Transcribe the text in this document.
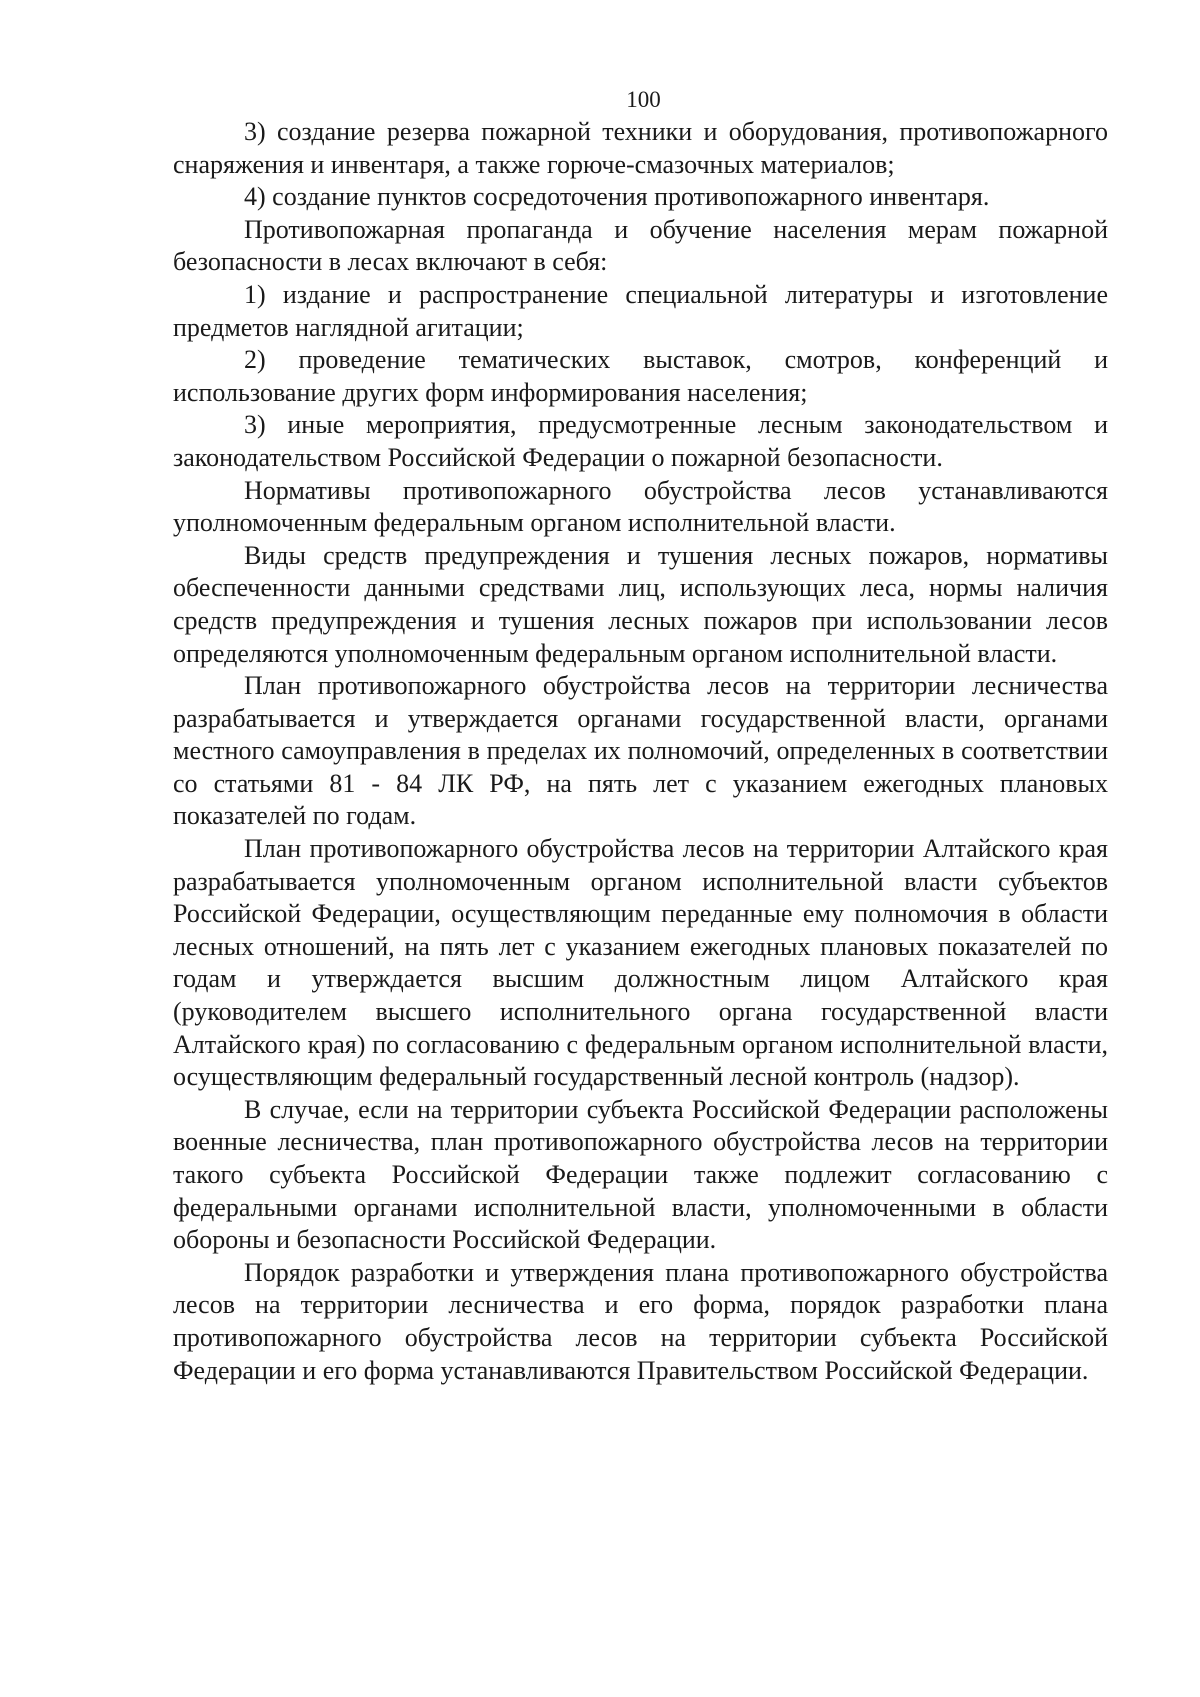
100

3) создание резерва пожарной техники и оборудования, противопожарного снаряжения и инвентаря, а также горюче-смазочных материалов;

4) создание пунктов сосредоточения противопожарного инвентаря.

Противопожарная пропаганда и обучение населения мерам пожарной безопасности в лесах включают в себя:

1) издание и распространение специальной литературы и изготовление предметов наглядной агитации;

2) проведение тематических выставок, смотров, конференций и использование других форм информирования населения;

3) иные мероприятия, предусмотренные лесным законодательством и законодательством Российской Федерации о пожарной безопасности.

Нормативы противопожарного обустройства лесов устанавливаются уполномоченным федеральным органом исполнительной власти.

Виды средств предупреждения и тушения лесных пожаров, нормативы обеспеченности данными средствами лиц, использующих леса, нормы наличия средств предупреждения и тушения лесных пожаров при использовании лесов определяются уполномоченным федеральным органом исполнительной власти.

План противопожарного обустройства лесов на территории лесничества разрабатывается и утверждается органами государственной власти, органами местного самоуправления в пределах их полномочий, определенных в соответствии со статьями 81 - 84 ЛК РФ, на пять лет с указанием ежегодных плановых показателей по годам.

План противопожарного обустройства лесов на территории Алтайского края разрабатывается уполномоченным органом исполнительной власти субъектов Российской Федерации, осуществляющим переданные ему полномочия в области лесных отношений, на пять лет с указанием ежегодных плановых показателей по годам и утверждается высшим должностным лицом Алтайского края (руководителем высшего исполнительного органа государственной власти Алтайского края) по согласованию с федеральным органом исполнительной власти, осуществляющим федеральный государственный лесной контроль (надзор).

В случае, если на территории субъекта Российской Федерации расположены военные лесничества, план противопожарного обустройства лесов на территории такого субъекта Российской Федерации также подлежит согласованию с федеральными органами исполнительной власти, уполномоченными в области обороны и безопасности Российской Федерации.

Порядок разработки и утверждения плана противопожарного обустройства лесов на территории лесничества и его форма, порядок разработки плана противопожарного обустройства лесов на территории субъекта Российской Федерации и его форма устанавливаются Правительством Российской Федерации.
